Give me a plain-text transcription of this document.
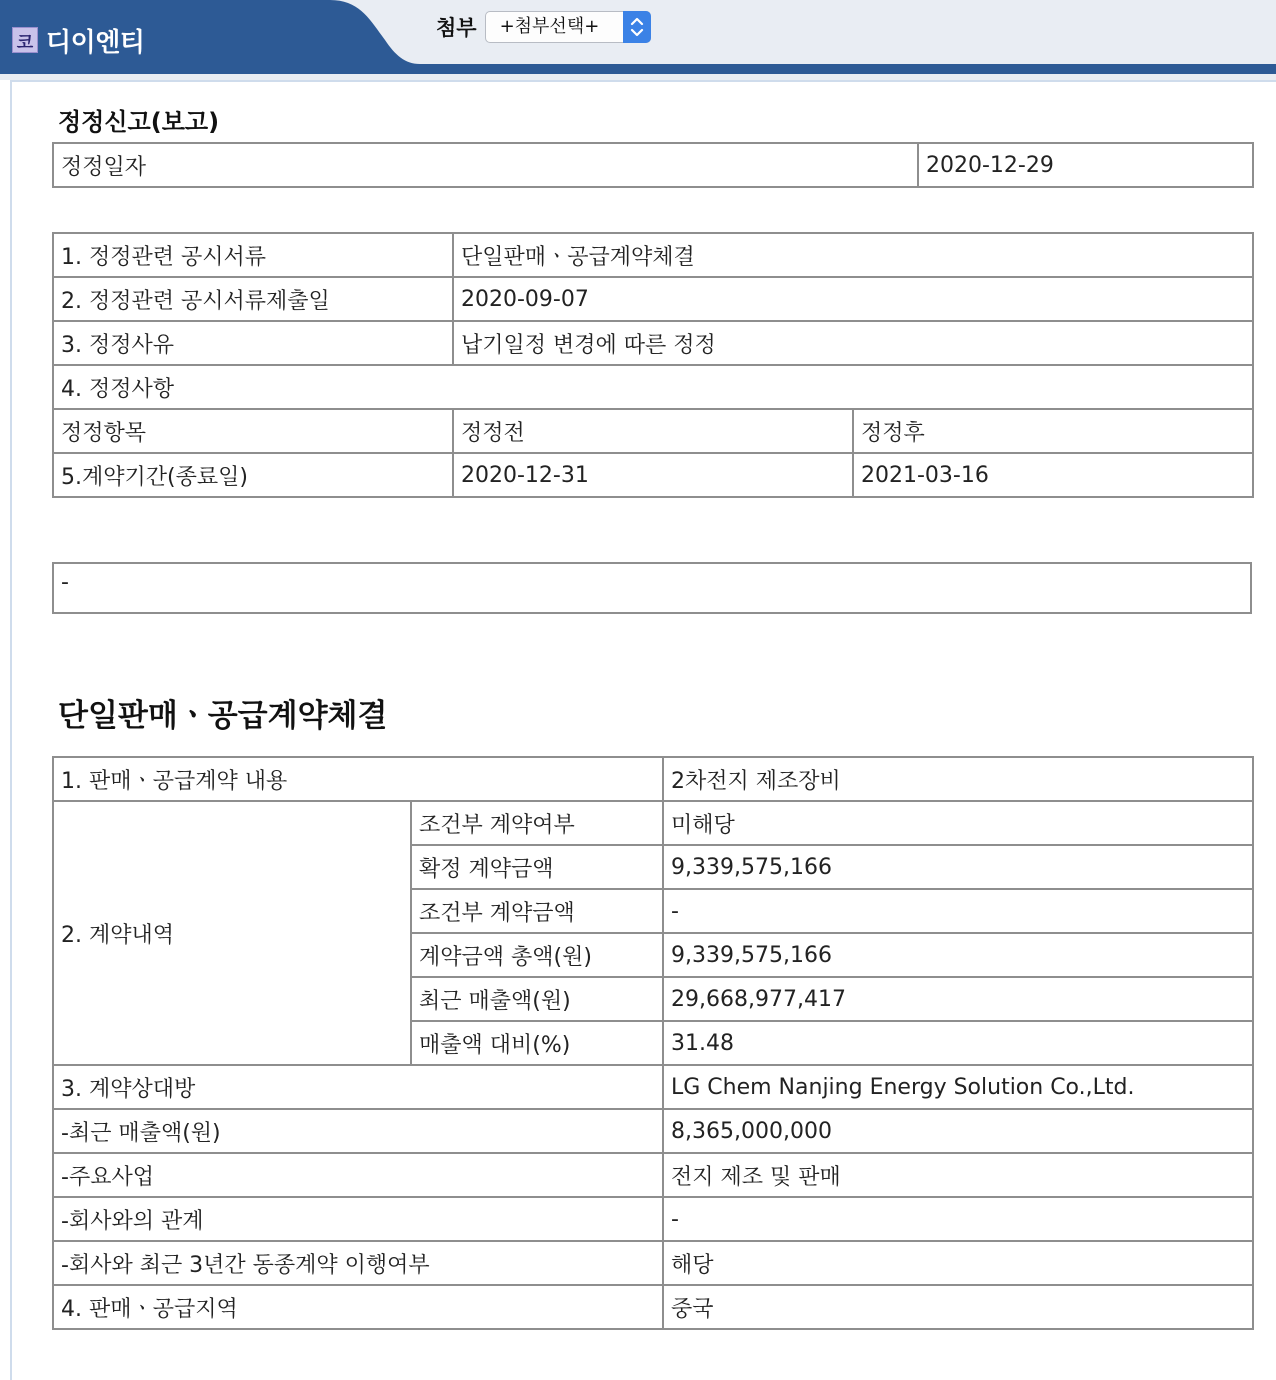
코 디이엔티	첨부	+첨부선택+
정정신고(보고)
정정일자	2020-12-29
1. 정정관련 공시서류	단일판매ㆍ공급계약체결	
2. 정정관련 공시서류제출일	2020-09-07	
3. 정정사유	납기일정 변경에 따른 정정	
4. 정정사항		
정정항목	정정전	정정후
5.계약기간(종료일)	2020-12-31	2021-03-16
-
단일판매ㆍ공급계약체결
1. 판매ㆍ공급계약 내용		2차전지 제조장비
2. 계약내역	조건부 계약여부	미해당
	확정 계약금액	9,339,575,166
	조건부 계약금액	-
	계약금액 총액(원)	9,339,575,166
	최근 매출액(원)	29,668,977,417
	매출액 대비(%)	31.48
3. 계약상대방		LG Chem Nanjing Energy Solution Co.,Ltd.
-최근 매출액(원)		8,365,000,000
-주요사업		전지 제조 및 판매
-회사와의 관계		-
-회사와 최근 3년간 동종계약 이행여부		해당
4. 판매ㆍ공급지역		중국
